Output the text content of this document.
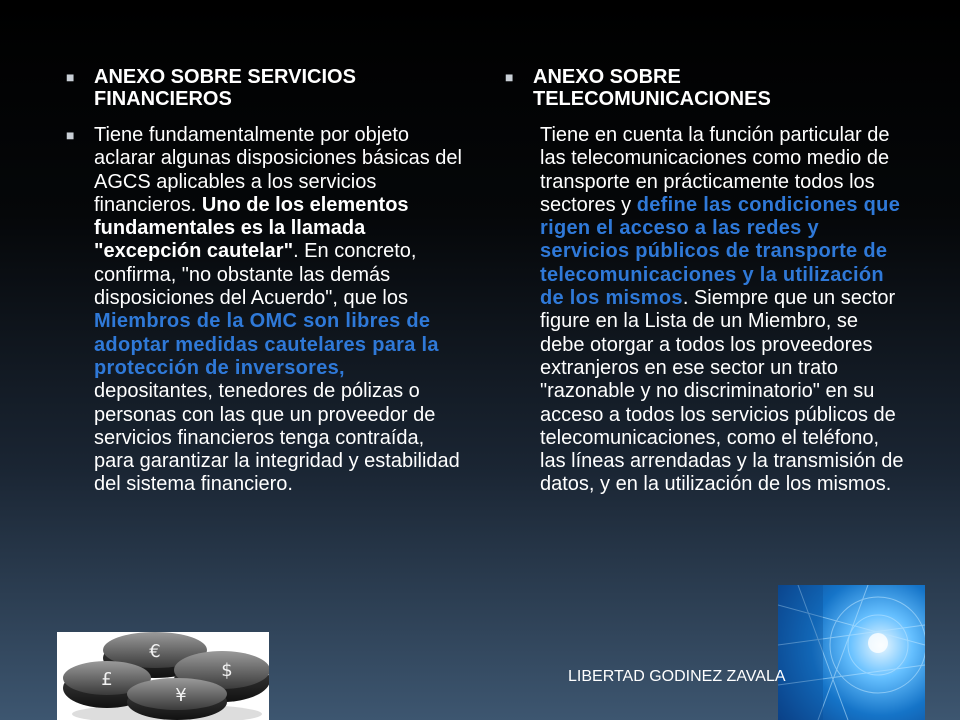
■
ANEXO SOBRE SERVICIOS FINANCIEROS
■
Tiene fundamentalmente por objeto aclarar algunas disposiciones básicas del AGCS aplicables a los servicios financieros. Uno de los elementos fundamentales es la llamada "excepción cautelar". En concreto, confirma, "no obstante las demás disposiciones del Acuerdo", que los Miembros de la OMC son libres de adoptar medidas cautelares para la protección de inversores, depositantes, tenedores de pólizas o personas con las que un proveedor de servicios financieros tenga contraída, para garantizar la integridad y estabilidad del sistema financiero.
■
ANEXO SOBRE TELECOMUNICACIONES
Tiene en cuenta la función particular de las telecomunicaciones como medio de transporte en prácticamente todos los sectores y define las condiciones que rigen el acceso a las redes y servicios públicos de transporte de telecomunicaciones y la utilización de los mismos. Siempre que un sector figure en la Lista de un Miembro, se debe otorgar a todos los proveedores extranjeros en ese sector un trato "razonable y no discriminatorio" en su acceso a todos los servicios públicos de telecomunicaciones, como el teléfono, las líneas arrendadas y la transmisión de datos, y en la utilización de los mismos.
€
$
£
¥
LIBERTAD GODINEZ ZAVALA
